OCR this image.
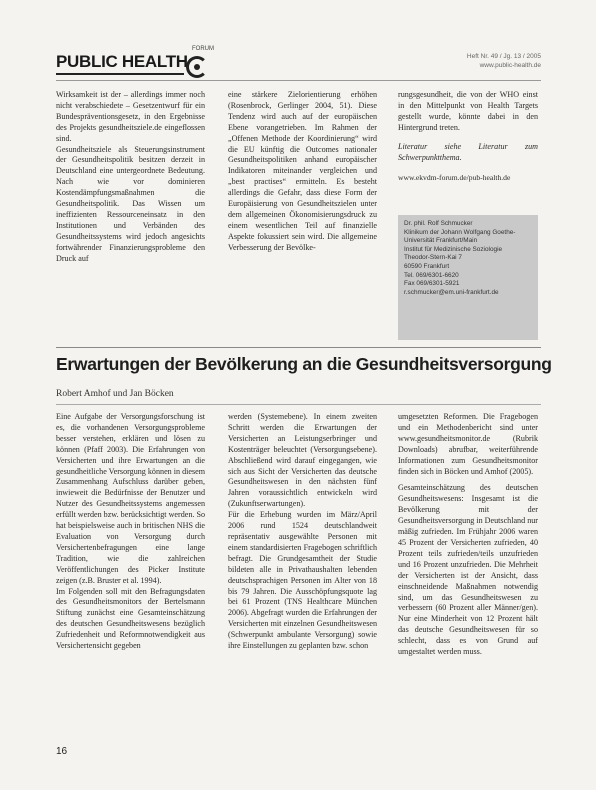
PUBLIC HEALTH
FORUM
Heft Nr. 49 / Jg. 13 / 2005
www.public-health.de

Wirksamkeit ist der – allerdings immer noch nicht verabschiedete – Gesetzentwurf für ein Bundespräventionsgesetz, in den Ergebnisse des Projekts gesundheitsziele.de eingeflossen sind.

Gesundheitsziele als Steuerungsinstrument der Gesundheitspolitik besitzen derzeit in Deutschland eine untergeordnete Bedeutung. Nach wie vor dominieren Kostendämpfungsmaßnahmen die Gesundheitspolitik. Das Wissen um ineffizienten Ressourceneinsatz in den Institutionen und Verbänden des Gesundheitssystems wird jedoch angesichts fortwährender Finanzierungsprobleme den Druck auf

eine stärkere Zielorientierung erhöhen (Rosenbrock, Gerlinger 2004, 51). Diese Tendenz wird auch auf der europäischen Ebene vorangetrieben. Im Rahmen der „Offenen Methode der Koordinierung“ wird die EU künftig die Outcomes nationaler Gesundheitspolitiken anhand europäischer Indikatoren miteinander vergleichen und „best practises“ ermitteln. Es besteht allerdings die Gefahr, dass diese Form der Europäisierung von Gesundheitszielen unter dem allgemeinen Ökonomisierungsdruck zu einem wesentlichen Teil auf finanzielle Aspekte fokussiert sein wird. Die allgemeine Verbesserung der Bevölke-

rungsgesundheit, die von der WHO einst in den Mittelpunkt von Health Targets gestellt wurde, könnte dabei in den Hintergrund treten.

Literatur siehe Literatur zum Schwerpunktthema.

www.ekvdm-forum.de/pub-health.de

Dr. phil. Rolf Schmucker
Klinikum der Johann Wolfgang Goethe-
Universität Frankfurt/Main
Institut für Medizinische Soziologie
Theodor-Stern-Kai 7
60590 Frankfurt
Tel. 069/6301-6620
Fax 069/6301-5921
r.schmucker@em.uni-frankfurt.de
Erwartungen der Bevölkerung an die Gesundheitsversorgung
Robert Amhof und Jan Böcken

Eine Aufgabe der Versorgungsforschung ist es, die vorhandenen Versorgungsprobleme besser verstehen, erklären und lösen zu können (Pfaff 2003). Die Erfahrungen von Versicherten und ihre Erwartungen an die gesundheitliche Versorgung können in diesem Zusammenhang Aufschluss darüber geben, inwieweit die Bedürfnisse der Benutzer und Nutzer des Gesundheitssystems angemessen erfüllt werden bzw. berücksichtigt werden. So hat beispielsweise auch in britischen NHS die Evaluation von Versorgung durch Versichertenbefragungen eine lange Tradition, wie die zahlreichen Veröffentlichungen des Picker Institute zeigen (z.B. Bruster et al. 1994).

Im Folgenden soll mit den Befragungsdaten des Gesundheitsmonitors der Bertelsmann Stiftung zunächst eine Gesamteinschätzung des deutschen Gesundheitswesens bezüglich Zufriedenheit und Reformnotwendigkeit aus Versichertensicht gegeben

werden (Systemebene). In einem zweiten Schritt werden die Erwartungen der Versicherten an Leistungserbringer und Kostenträger beleuchtet (Versorgungsebene). Abschließend wird darauf eingegangen, wie sich aus Sicht der Versicherten das deutsche Gesundheitswesen in den nächsten fünf Jahren voraussichtlich entwickeln wird (Zukunftserwartungen).

Für die Erhebung wurden im März/April 2006 rund 1524 deutschlandweit repräsentativ ausgewählte Personen mit einem standardisierten Fragebogen schriftlich befragt. Die Grundgesamtheit der Studie bildeten alle in Privathaushalten lebenden deutschsprachigen Personen im Alter von 18 bis 79 Jahren. Die Ausschöpfungsquote lag bei 61 Prozent (TNS Healthcare München 2006). Abgefragt wurden die Erfahrungen der Versicherten mit einzelnen Gesundheitswesen (Schwerpunkt ambulante Versorgung) sowie ihre Einstellungen zu geplanten bzw. schon

umgesetzten Reformen. Die Fragebogen und ein Methodenbericht sind unter www.gesundheitsmonitor.de (Rubrik Downloads) abrufbar, weiterführende Informationen zum Gesundheitsmonitor finden sich in Böcken und Amhof (2005).

Gesamteinschätzung des deutschen Gesundheitswesens: Insgesamt ist die Bevölkerung mit der Gesundheitsversorgung in Deutschland nur mäßig zufrieden. Im Frühjahr 2006 waren 45 Prozent der Versicherten zufrieden, 40 Prozent teils zufrieden/teils unzufrieden und 16 Prozent unzufrieden. Die Mehrheit der Versicherten ist der Ansicht, dass einschneidende Maßnahmen notwendig sind, um das Gesundheitswesen zu verbessern (60 Prozent aller Männer/gen). Nur eine Minderheit von 12 Prozent hält das deutsche Gesundheitswesen für so schlecht, dass es von Grund auf umgestaltet werden muss.

16
